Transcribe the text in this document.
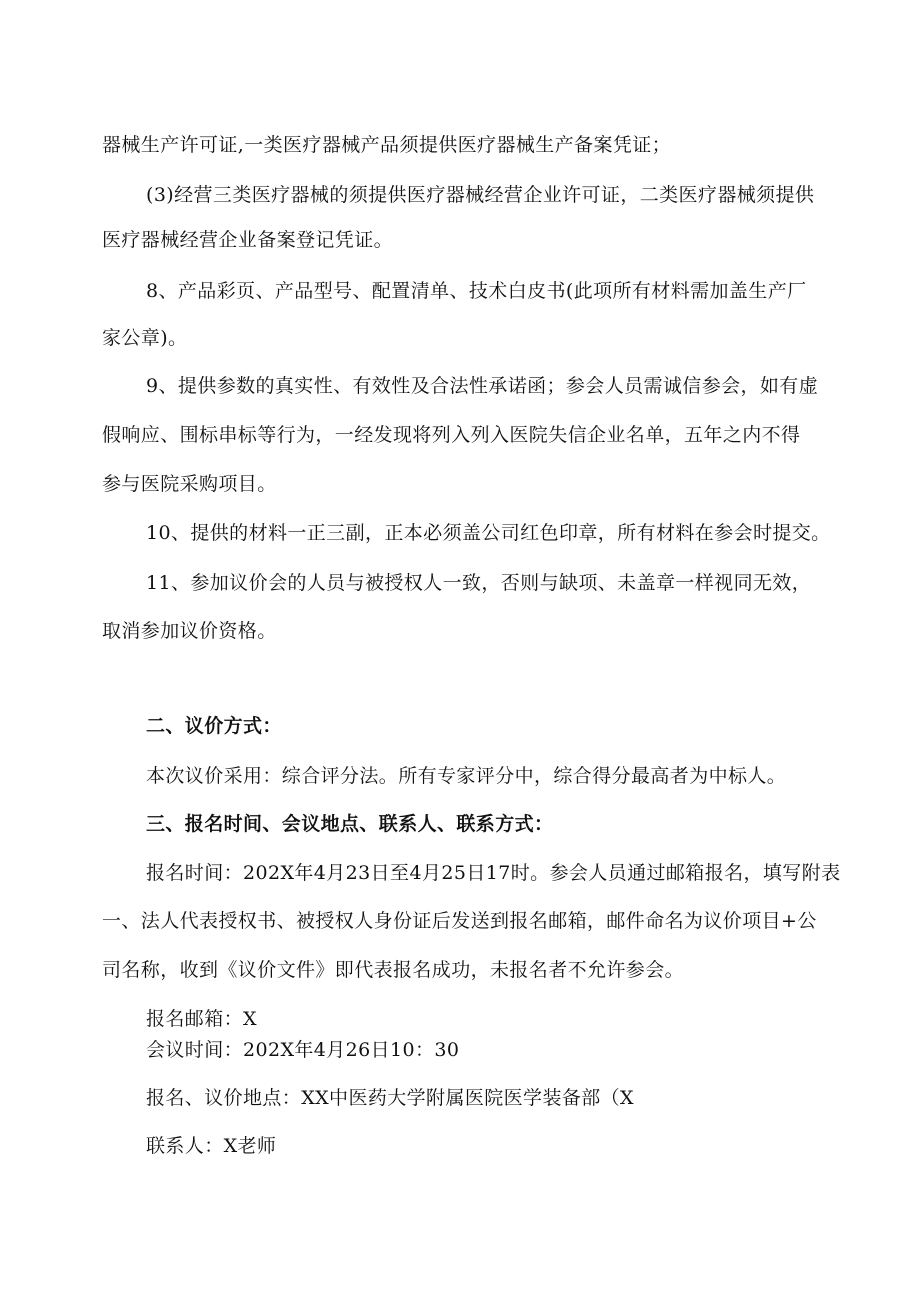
器械生产许可证,一类医疗器械产品须提供医疗器械生产备案凭证；
(3)经营三类医疗器械的须提供医疗器械经营企业许可证，二类医疗器械须提供
医疗器械经营企业备案登记凭证。
8、产品彩页、产品型号、配置清单、技术白皮书(此项所有材料需加盖生产厂
家公章)。
9、提供参数的真实性、有效性及合法性承诺函；参会人员需诚信参会，如有虚
假响应、围标串标等行为，一经发现将列入列入医院失信企业名单，五年之内不得
参与医院采购项目。
10、提供的材料一正三副，正本必须盖公司红色印章，所有材料在参会时提交。
11、参加议价会的人员与被授权人一致，否则与缺项、未盖章一样视同无效，
取消参加议价资格。
二、议价方式：
本次议价采用：综合评分法。所有专家评分中，综合得分最高者为中标人。
三、报名时间、会议地点、联系人、联系方式：
报名时间：202X年4月23日至4月25日17时。参会人员通过邮箱报名，填写附表
一、法人代表授权书、被授权人身份证后发送到报名邮箱，邮件命名为议价项目+公
司名称，收到《议价文件》即代表报名成功，未报名者不允许参会。
报名邮箱：X
会议时间：202X年4月26日10：30
报名、议价地点：XX中医药大学附属医院医学装备部（X
联系人：X老师
